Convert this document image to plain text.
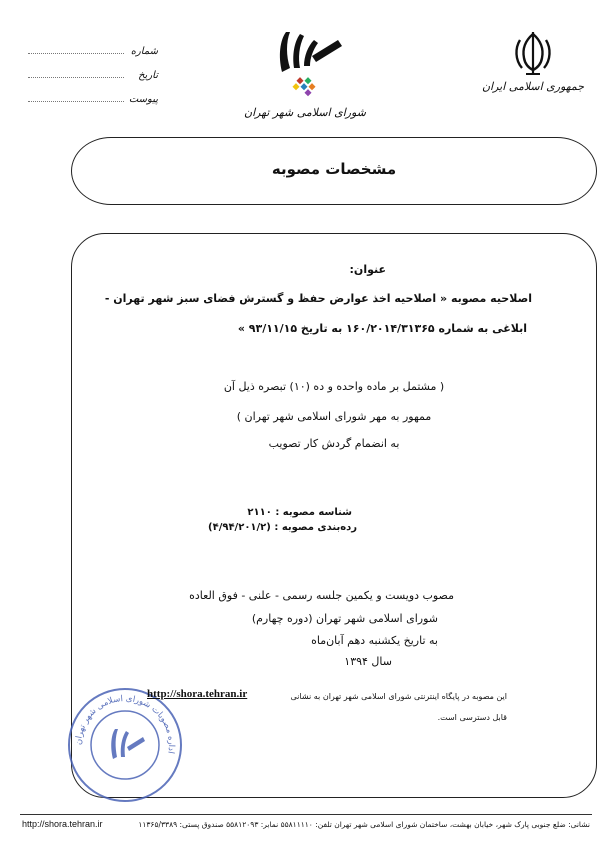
جمهوری اسلامی ایران
شورای اسلامی شهر تهران
شماره
تاریخ
پیوست
مشخصات مصوبه
عنوان:
اصلاحیه مصوبه « اصلاحیه اخذ عوارض حفظ و گسترش فضای سبز شهر تهران -
ابلاغی به شماره ۱۶۰/۲۰۱۴/۳۱۳۶۵ به تاریخ ۹۳/۱۱/۱۵ »
( مشتمل بر ماده واحده و ده (۱۰) تبصره ذیل آن
ممهور به مهر شورای اسلامی شهر تهران )
به انضمام گردش کار تصویب
شناسه مصوبه : ۲۱۱۰
رده‌بندی مصوبه : (۴/۹۴/۲۰۱/۲)
مصوب دویست و یکمین جلسه رسمی - علنی - فوق العاده
شورای اسلامی شهر تهران (دوره چهارم)
به تاریخ یکشنبه دهم آبان‌ماه
سال ۱۳۹۴
اداره مصوبات شورای اسلامی شهر تهران
http://shora.tehran.ir	این مصوبه در پایگاه اینترنتی شورای اسلامی شهر تهران به نشانی
قابل دسترسی است.
نشانی: ضلع جنوبی پارک شهر، خیابان بهشت، ساختمان شورای اسلامی شهر تهران تلفن: ۵۵۸۱۱۱۱۰ نمابر: ۵۵۸۱۲۰۹۳ صندوق پستی: ۱۱۳۶۵/۳۳۸۹
http://shora.tehran.ir
